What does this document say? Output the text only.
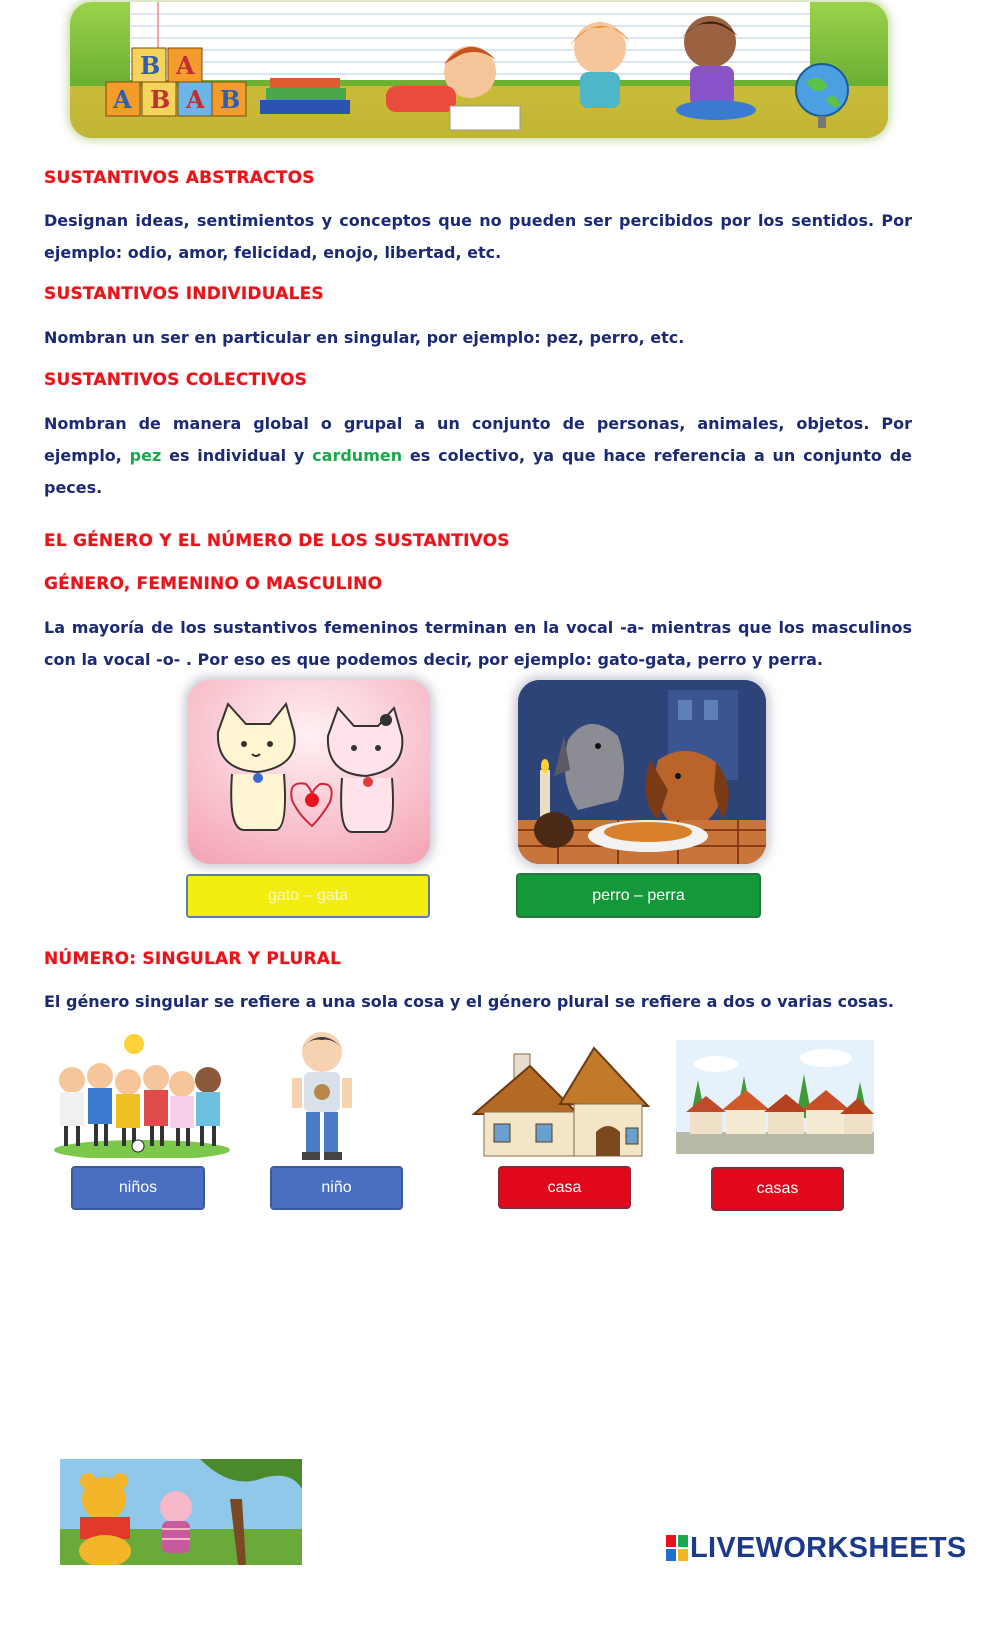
A B A B
B A
SUSTANTIVOS ABSTRACTOS
Designan ideas, sentimientos y conceptos que no pueden ser percibidos por los sentidos. Por ejemplo: odio, amor, felicidad, enojo, libertad, etc.
SUSTANTIVOS INDIVIDUALES
Nombran un ser en particular en singular, por ejemplo: pez, perro, etc.
SUSTANTIVOS COLECTIVOS
Nombran de manera global o grupal a un conjunto de personas, animales, objetos. Por ejemplo, pez es individual y cardumen es colectivo, ya que hace referencia a un conjunto de peces.
EL GÉNERO Y EL NÚMERO DE LOS SUSTANTIVOS
GÉNERO, FEMENINO O MASCULINO
La mayoría de los sustantivos femeninos terminan en la vocal -a- mientras que los masculinos con la vocal -o- . Por eso es que podemos decir, por ejemplo: gato-gata, perro y perra.
gato – gata	perro – perra
NÚMERO: SINGULAR Y PLURAL
El género singular se refiere a una sola cosa y el género plural se refiere a dos o varias cosas.
niños	niño	casa	casas
LIVEWORKSHEETS
